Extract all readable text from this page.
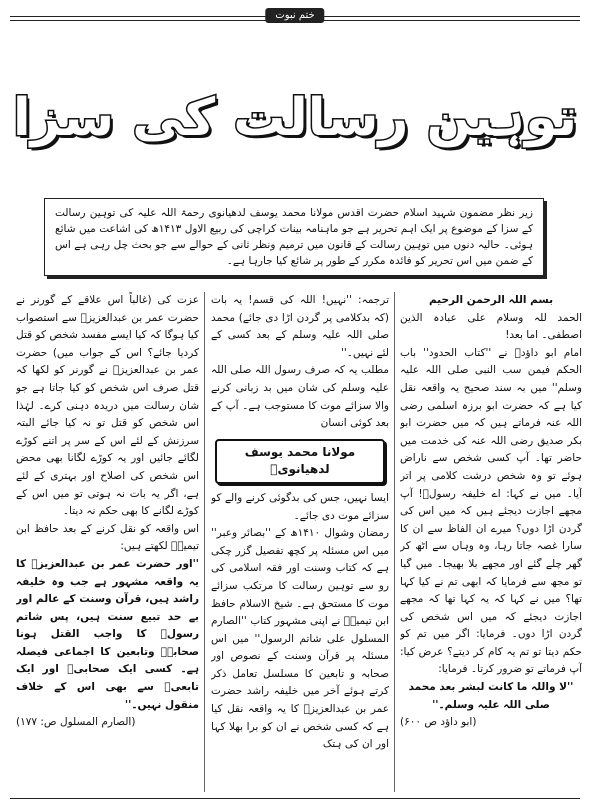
ختم نبوت
توہین رسالت کی سزا
زیر نظر مضمون شہید اسلام حضرت اقدس مولانا محمد یوسف لدھیانوی رحمۃ اللہ علیہ کی توہین رسالت کے سزا کے موضوع پر ایک اہم تحریر ہے جو ماہنامہ بینات کراچی کی ربیع الاول ۱۴۱۳ھ کی اشاعت میں شائع ہوئی۔ حالیہ دنوں میں توہین رسالت کے قانون میں ترمیم ونظر ثانی کے حوالے سے جو بحث چل رہی ہے اس کے ضمن میں اس تحریر کو فائدہ مکرر کے طور پر شائع کیا جارہا ہے۔

بسم اللہ الرحمن الرحیم

الحمد للہ وسلام علی عبادہ الذین اصطفی۔ اما بعد!

امام ابو داؤدؒ نے ''کتاب الحدود'' باب الحکم فیمن سب النبی صلی اللہ علیہ وسلم'' میں بہ سند صحیح یہ واقعہ نقل کیا ہے کہ حضرت ابو برزہ اسلمی رضی اللہ عنہ فرماتے ہیں کہ میں حضرت ابو بکر صدیق رضی اللہ عنہ کی خدمت میں حاضر تھا۔ آپ کسی شخص سے ناراض ہوئے تو وہ شخص درشت کلامی پر اتر آیا۔ میں نے کہا: اے خلیفہ رسولؐ! آپ مجھے اجازت دیجئے ہیں کہ میں اس کی گردن اڑا دوں؟ میرے ان الفاظ سے ان کا سارا غصہ جاتا رہا، وہ وہاں سے اٹھ کر گھر چلے گئے اور مجھے بلا بھیجا۔ میں گیا تو مجھ سے فرمایا کہ ابھی تم نے کیا کہا تھا؟ میں نے کہا کہ یہ کہا تھا کہ مجھے اجازت دیجئے کہ میں اس شخص کی گردن اڑا دوں۔ فرمایا: اگر میں تم کو حکم دیتا تو تم یہ کام کر دیتے؟ عرض کیا: آپ فرماتے تو ضرور کرتا۔ فرمایا:

''لا واللہ ما کانت لبشر بعد محمد صلی اللہ علیہ وسلم۔''

(ابو داؤد ص ۶۰۰)

ترجمہ: ''نہیں! اللہ کی قسم! یہ بات (کہ بدکلامی پر گردن اڑا دی جائے) محمد صلی اللہ علیہ وسلم کے بعد کسی کے لئے نہیں۔''

مطلب یہ کہ صرف رسول اللہ صلی اللہ علیہ وسلم کی شان میں بد زبانی کرنے والا سزائے موت کا مستوجب ہے۔ آپ کے بعد کوئی انسان

مولانا محمد یوسف لدھیانویؒ

ایسا نہیں، جس کی بدگوئی کرنے والے کو سزائے موت دی جائے۔

رمضان وشوال ۱۴۱۰ھ کے ''بصائر وعبر'' میں اس مسئلہ پر کچھ تفصیل گزر چکی ہے کہ کتاب وسنت اور فقہ اسلامی کی رو سے توہین رسالت کا مرتکب سزائے موت کا مستحق ہے۔ شیخ الاسلام حافظ ابن تیمیہؒ نے اپنی مشہور کتاب ''الصارم المسلول علی شاتم الرسول'' میں اس مسئلہ پر قرآن وسنت کے نصوص اور صحابہ و تابعین کا مسلسل تعامل ذکر کرتے ہوئے آخر میں خلیفہ راشد حضرت عمر بن عبدالعزیزؒ کا یہ واقعہ نقل کیا ہے کہ کسی شخص نے ان کو برا بھلا کہا اور ان کی ہتک

عزت کی (غالباً اس علاقے کے گورنر نے حضرت عمر بن عبدالعزیزؒ سے استصواب کیا ہوگا کہ کیا ایسے مفسد شخص کو قتل کردیا جائے؟ اس کے جواب میں) حضرت عمر بن عبدالعزیزؒ نے گورنر کو لکھا کہ قتل صرف اس شخص کو کیا جاتا ہے جو شان رسالت میں دریدہ دہنی کرے۔ لہٰذا اس شخص کو قتل تو نہ کیا جائے البتہ سرزنش کے لئے اس کے سر پر اتنے کوڑے لگائے جائیں اور یہ کوڑے لگانا بھی محض اس شخص کی اصلاح اور بہتری کے لئے ہے، اگر یہ بات نہ ہوتی تو میں اس کے کوڑے لگانے کا بھی حکم نہ دیتا۔

اس واقعہ کو نقل کرنے کے بعد حافظ ابن تیمیہؒ لکھتے ہیں:

''اور حضرت عمر بن عبدالعزیزؒ کا یہ واقعہ مشہور ہے جب وہ خلیفہ راشد ہیں، قرآن وسنت کے عالم اور بے حد تبیع سنت ہیں، پس شاتم رسولؐ کا واجب القتل ہونا صحابہؓ وتابعین کا اجماعی فیصلہ ہے۔ کسی ایک صحابیؓ اور ایک تابعیؒ سے بھی اس کے خلاف منقول نہیں۔''

(الصارم المسلول ص: ۱۷۷)
